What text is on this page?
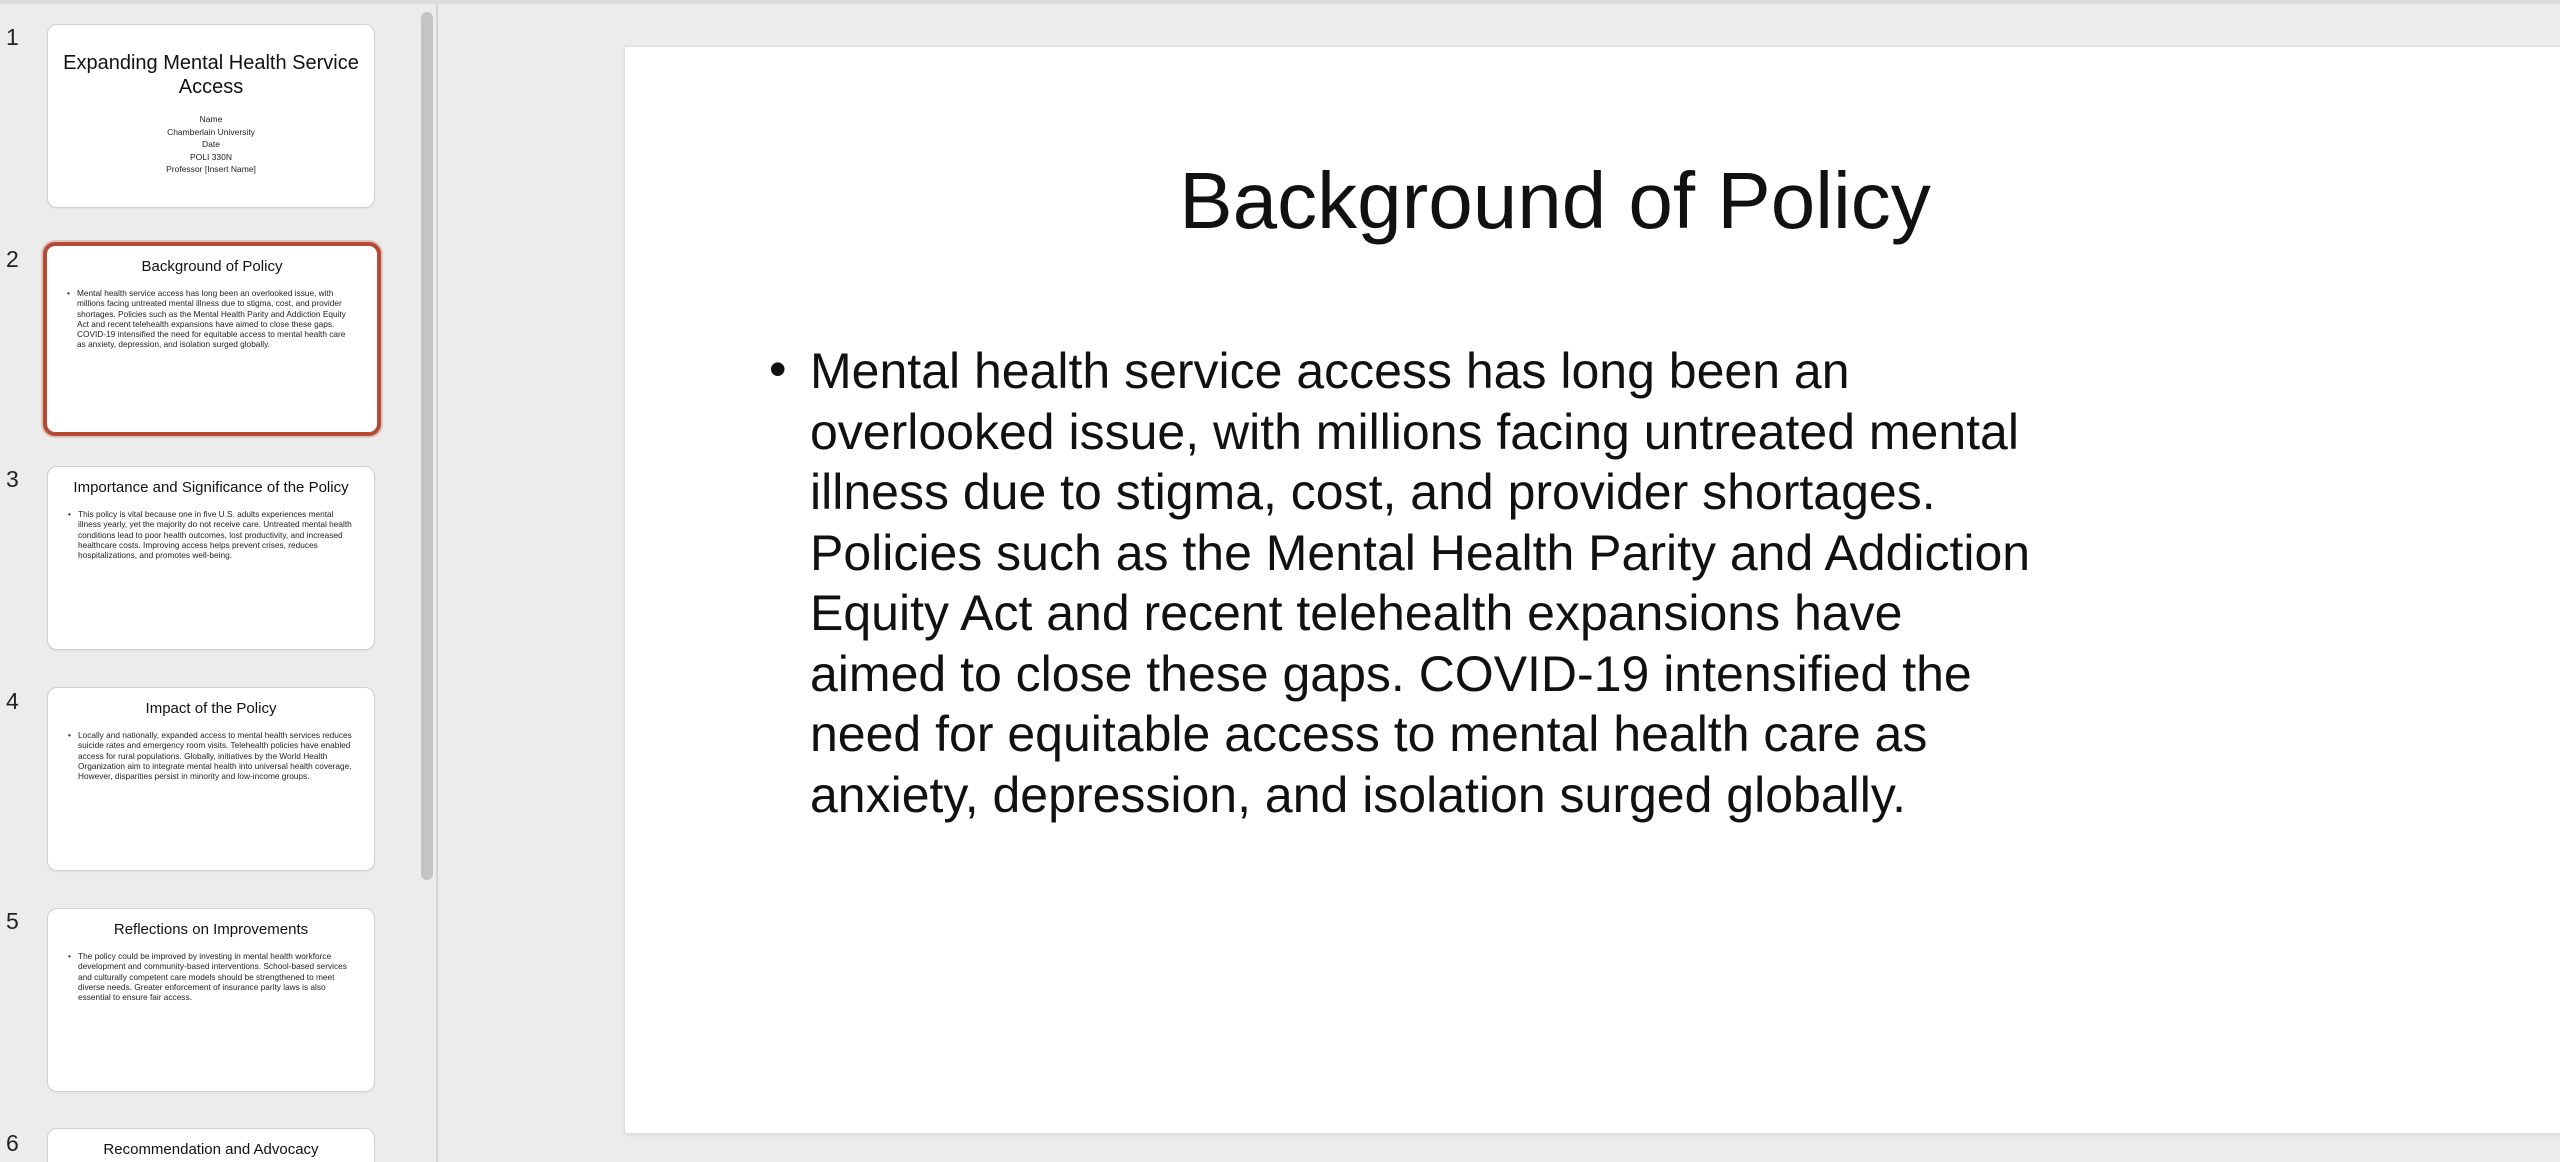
1
Expanding Mental Health Service Access
Name
Chamberlain University
Date
POLI 330N
Professor [Insert Name]
2	Background of Policy
• Mental health service access has long been an overlooked issue, with millions facing untreated mental illness due to stigma, cost, and provider shortages. Policies such as the Mental Health Parity and Addiction Equity Act and recent telehealth expansions have aimed to close these gaps. COVID-19 intensified the need for equitable access to mental health care as anxiety, depression, and isolation surged globally.
3	Importance and Significance of the Policy
• This policy is vital because one in five U.S. adults experiences mental illness yearly, yet the majority do not receive care. Untreated mental health conditions lead to poor health outcomes, lost productivity, and increased healthcare costs. Improving access helps prevent crises, reduces hospitalizations, and promotes well-being.
4	Impact of the Policy
• Locally and nationally, expanded access to mental health services reduces suicide rates and emergency room visits. Telehealth policies have enabled access for rural populations. Globally, initiatives by the World Health Organization aim to integrate mental health into universal health coverage. However, disparities persist in minority and low-income groups.
5	Reflections on Improvements
• The policy could be improved by investing in mental health workforce development and community-based interventions. School-based services and culturally competent care models should be strengthened to meet diverse needs. Greater enforcement of insurance parity laws is also essential to ensure fair access.
6	Recommendation and Advocacy
Background of Policy
• Mental health service access has long been an overlooked issue, with millions facing untreated mental illness due to stigma, cost, and provider shortages. Policies such as the Mental Health Parity and Addiction Equity Act and recent telehealth expansions have aimed to close these gaps. COVID-19 intensified the need for equitable access to mental health care as anxiety, depression, and isolation surged globally.
